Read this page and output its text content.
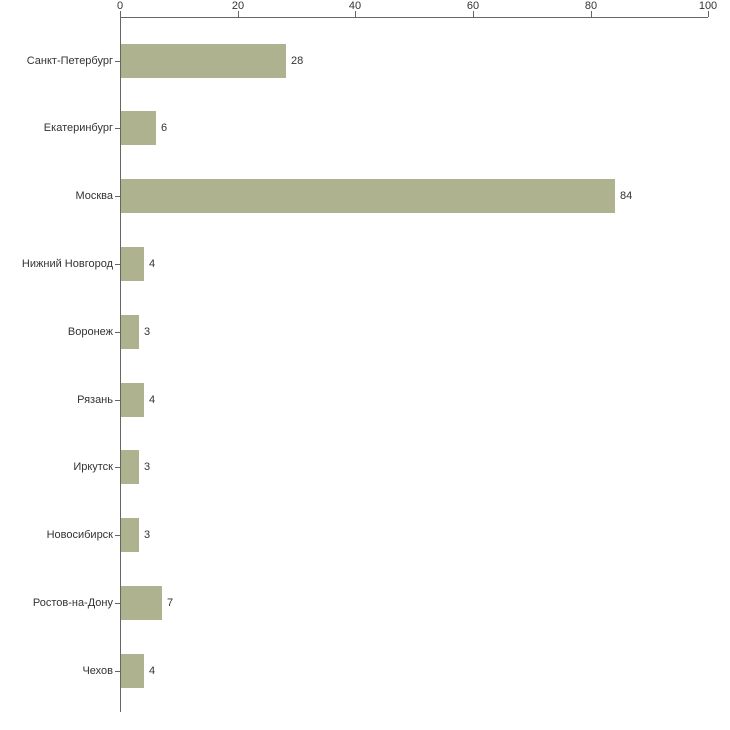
0	20	40	60	80	100
Санкт-Петербург	28
Екатеринбург	6
Москва	84
Нижний Новгород	4
Воронеж	3
Рязань	4
Иркутск	3
Новосибирск	3
Ростов-на-Дону	7
Чехов	4
